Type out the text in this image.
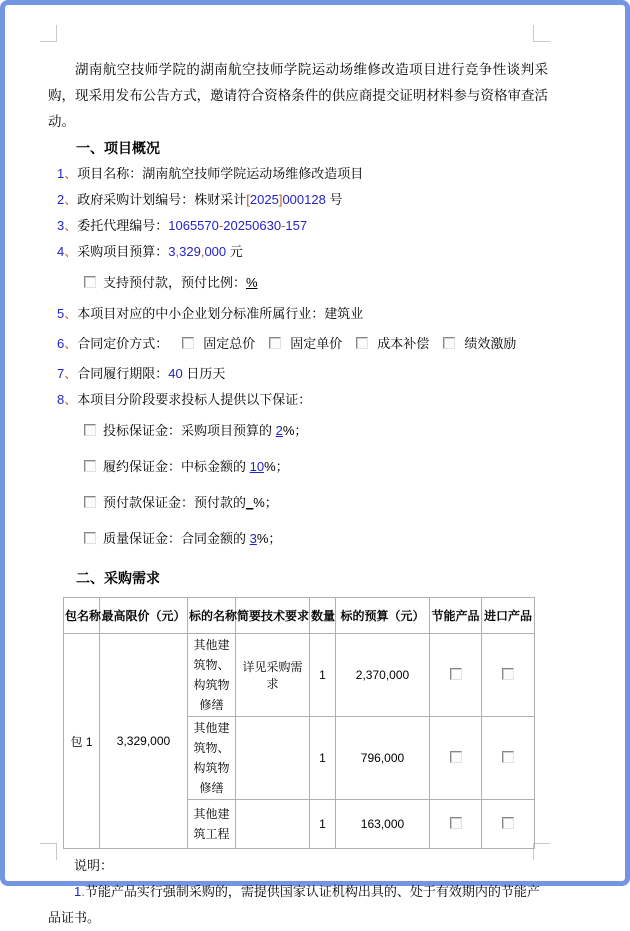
湖南航空技师学院的湖南航空技师学院运动场维修改造项目进行竞争性谈判采购，现采用发布公告方式，邀请符合资格条件的供应商提交证明材料参与资格审查活动。

一、项目概况
1、项目名称：湖南航空技师学院运动场维修改造项目
2、政府采购计划编号：株财采计[2025]000128 号
3、委托代理编号：1065570-20250630-157
4、采购项目预算：3,329,000 元
支持预付款，预付比例：%
5、本项目对应的中小企业划分标准所属行业：建筑业
6、合同定价方式：	固定总价	固定单价	成本补偿	绩效激励
7、合同履行期限：40 日历天
8、本项目分阶段要求投标人提供以下保证：
投标保证金：采购项目预算的 2%；
履约保证金：中标金额的 10%；
预付款保证金：预付款的_%；
质量保证金：合同金额的 3%；
二、采购需求
包名称	最高限价（元）	标的名称	简要技术要求	数量	标的预算（元）	节能产品	进口产品
包 1	3,329,000	其他建筑物、构筑物修缮	详见采购需求	1	2,370,000		
		其他建筑物、构筑物修缮		1	796,000		
		其他建筑工程		1	163,000		

说明：
1.节能产品实行强制采购的，需提供国家认证机构出具的、处于有效期内的节能产品证书。
